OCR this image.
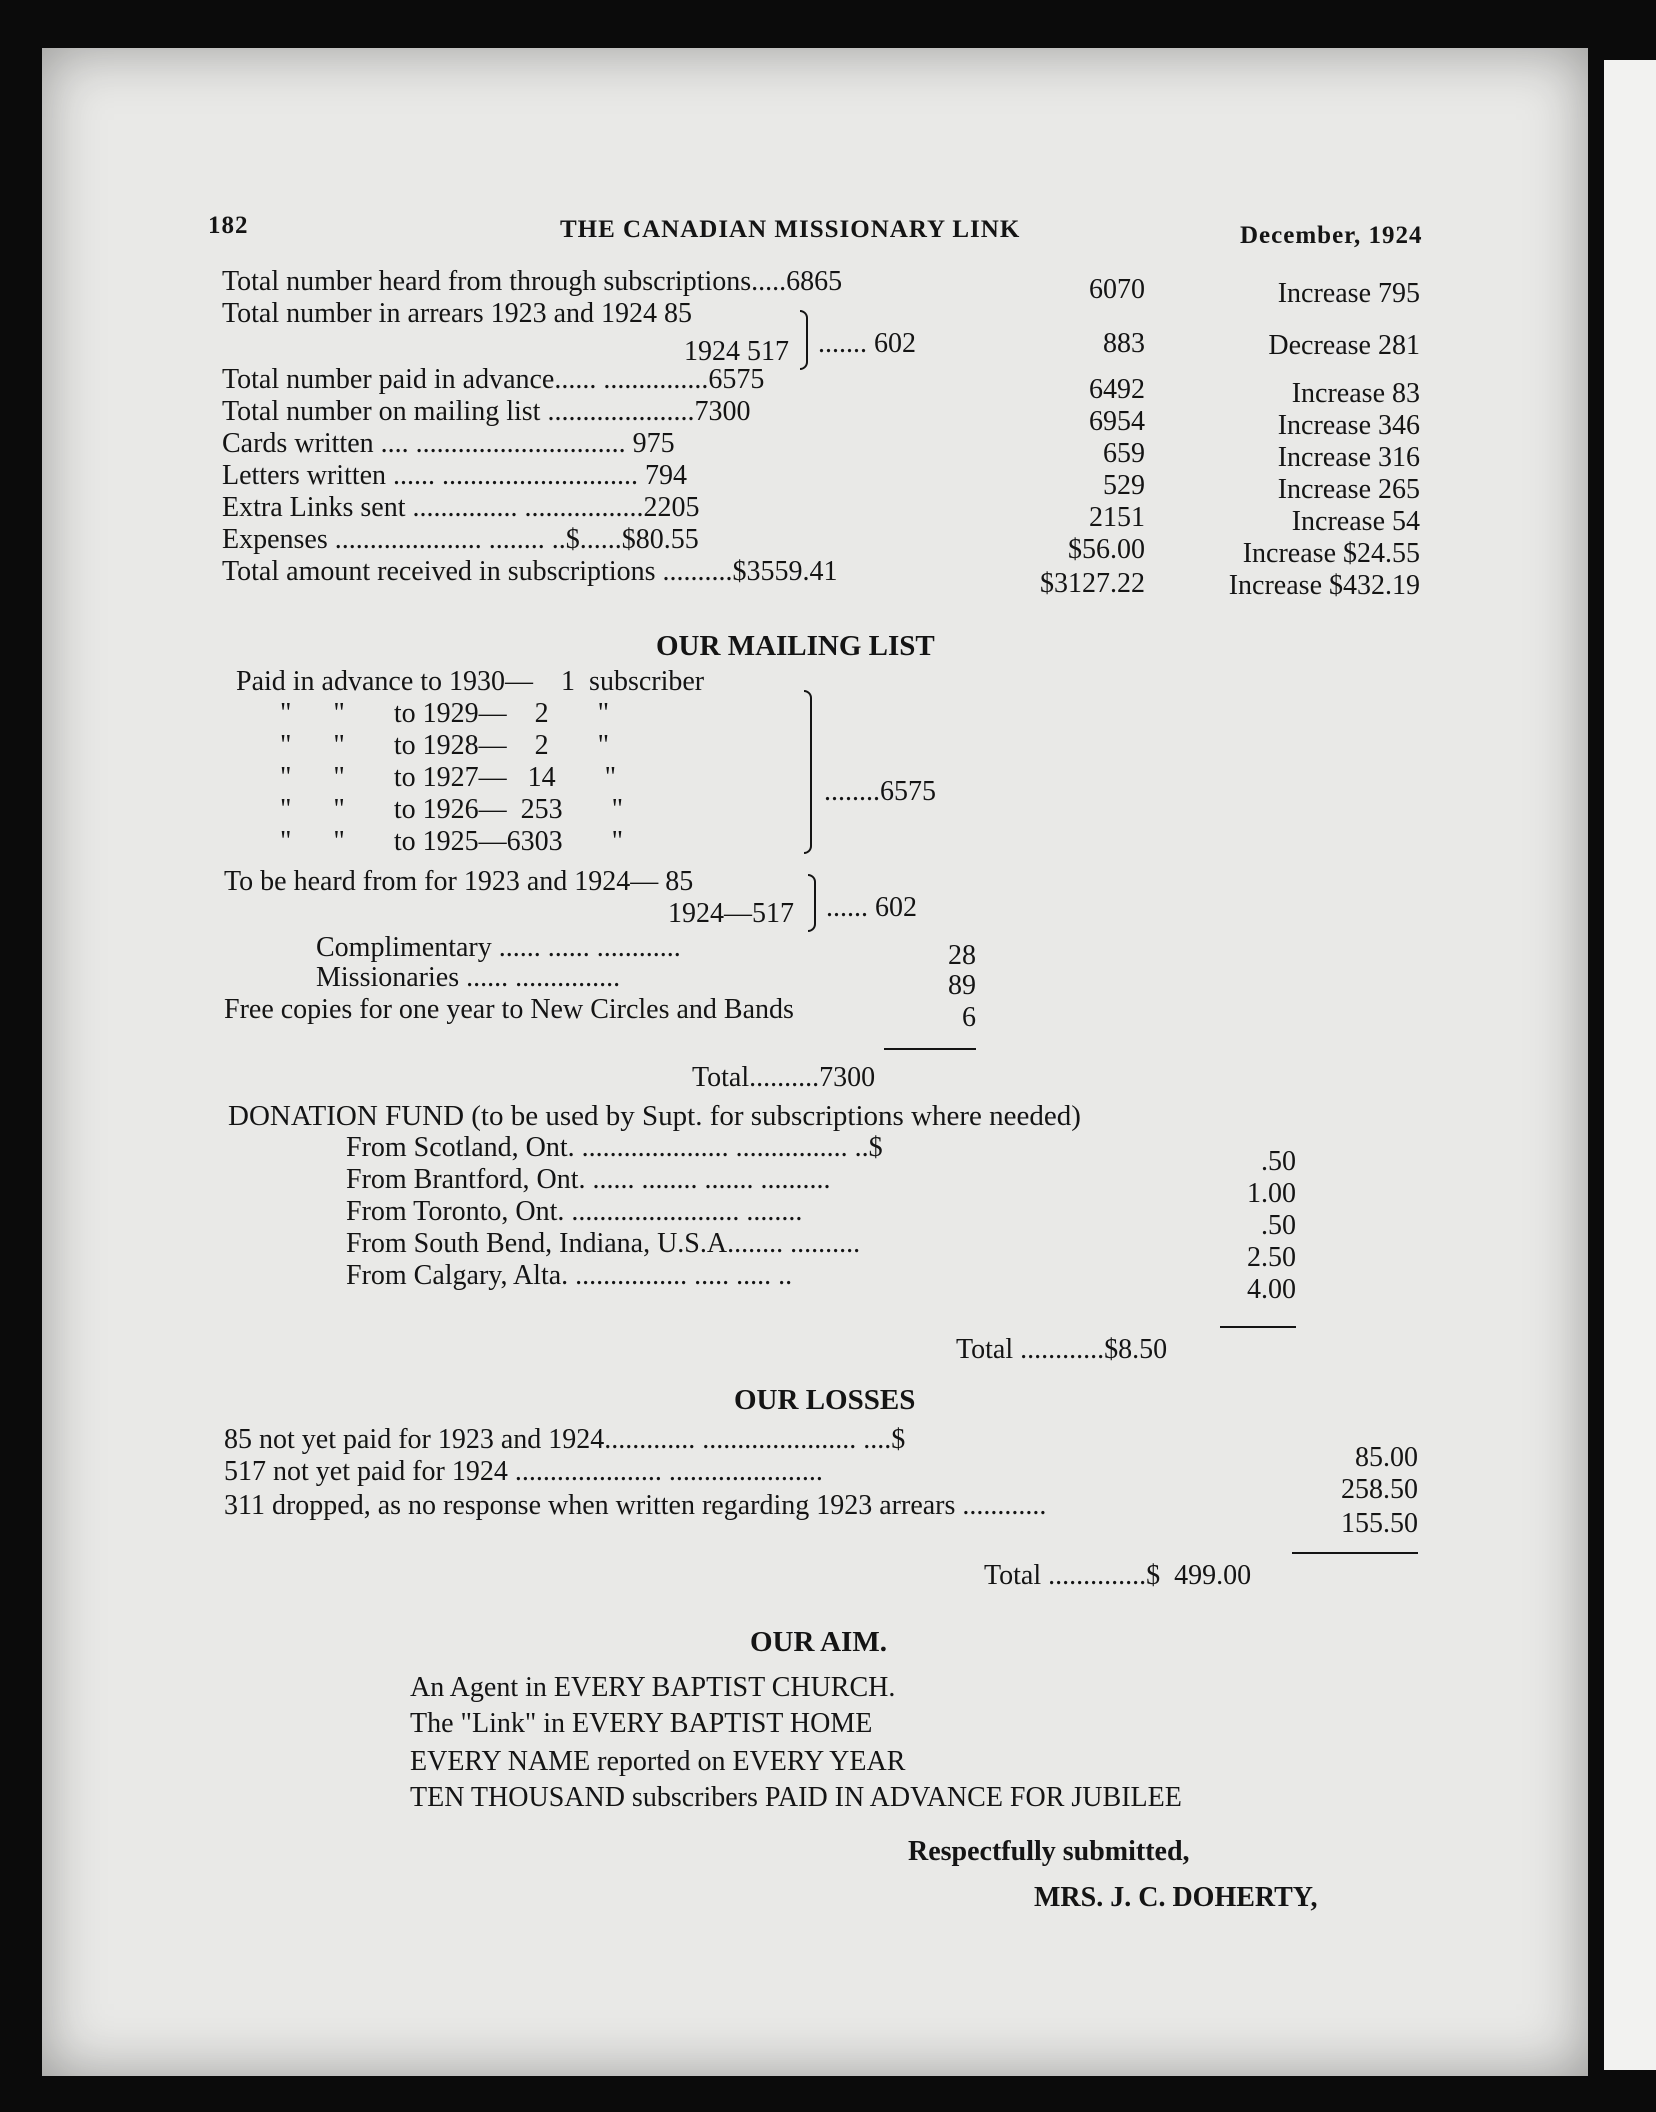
182	THE CANADIAN MISSIONARY LINK	December, 1924
Total number heard from through subscriptions.....6865	6070	Increase 795
Total number in arrears 1923 and 1924 85
1924 517 ....... 602	883	Decrease 281
Total number paid in advance...... ...............6575	6492	Increase 83
Total number on mailing list .....................7300	6954	Increase 346
Cards written .... .............................. 975	659	Increase 316
Letters written ...... ............................ 794	529	Increase 265
Extra Links sent ............... .................2205	2151	Increase 54
Expenses ..................... ........ ..$......$80.55	$56.00	Increase $24.55
Total amount received in subscriptions ..........$3559.41	$3127.22	Increase $432.19
OUR MAILING LIST
Paid in advance to 1930—    1  subscriber
"      "       to 1929—    2       "
"      "       to 1928—    2       "
"      "       to 1927—   14       "
"      "       to 1926—  253       "
"      "       to 1925—6303       "
........6575
To be heard from for 1923 and 1924— 85
1924—517 ...... 602
Complimentary ...... ...... ............	28
Missionaries ...... ...............	89
Free copies for one year to New Circles and Bands	6
Total..........7300
DONATION FUND (to be used by Supt. for subscriptions where needed)
From Scotland, Ont. ..................... ................ ..$	.50
From Brantford, Ont. ...... ........ ....... ..........	1.00
From Toronto, Ont. ........................ ........	.50
From South Bend, Indiana, U.S.A........ ..........	2.50
From Calgary, Alta. ................ ..... ..... ..	4.00
Total ............$8.50
OUR LOSSES
85 not yet paid for 1923 and 1924............. ...................... ....$
85.00
517 not yet paid for 1924 ..................... ......................
258.50
311 dropped, as no response when written regarding 1923 arrears ............
155.50
Total ..............$  499.00
OUR AIM.
An Agent in EVERY BAPTIST CHURCH.
The "Link" in EVERY BAPTIST HOME
EVERY NAME reported on EVERY YEAR
TEN THOUSAND subscribers PAID IN ADVANCE FOR JUBILEE
Respectfully submitted,
MRS. J. C. DOHERTY,
